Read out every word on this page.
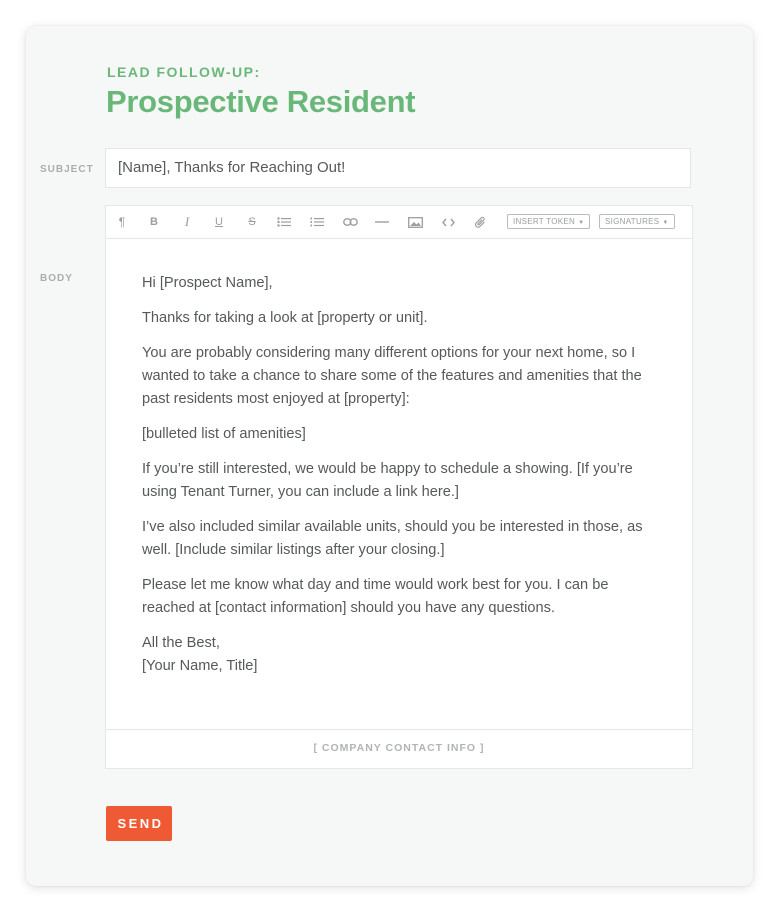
LEAD FOLLOW-UP:
Prospective Resident
SUBJECT	[Name], Thanks for Reaching Out!
BODY
¶ B I U S	INSERT TOKEN ▼	SIGNATURES ▼

Hi [Prospect Name],

Thanks for taking a look at [property or unit].

You are probably considering many different options for your next home, so I wanted to take a chance to share some of the features and amenities that the past residents most enjoyed at [property]:

[bulleted list of amenities]

If you’re still interested, we would be happy to schedule a showing. [If you’re using Tenant Turner, you can include a link here.]

I’ve also included similar available units, should you be interested in those, as well. [Include similar listings after your closing.]

Please let me know what day and time would work best for you. I can be reached at [contact information] should you have any questions.

All the Best,
[Your Name, Title]
[ COMPANY CONTACT INFO ]
SEND
